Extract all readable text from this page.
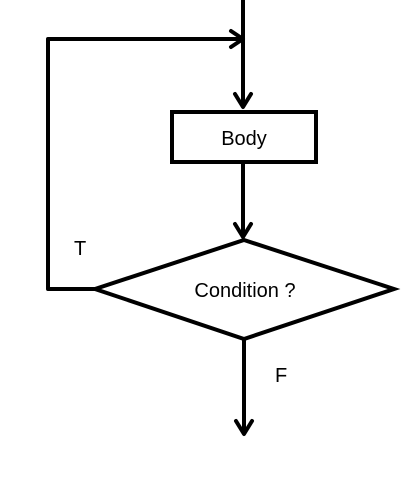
Body
Condition ?
T
F
